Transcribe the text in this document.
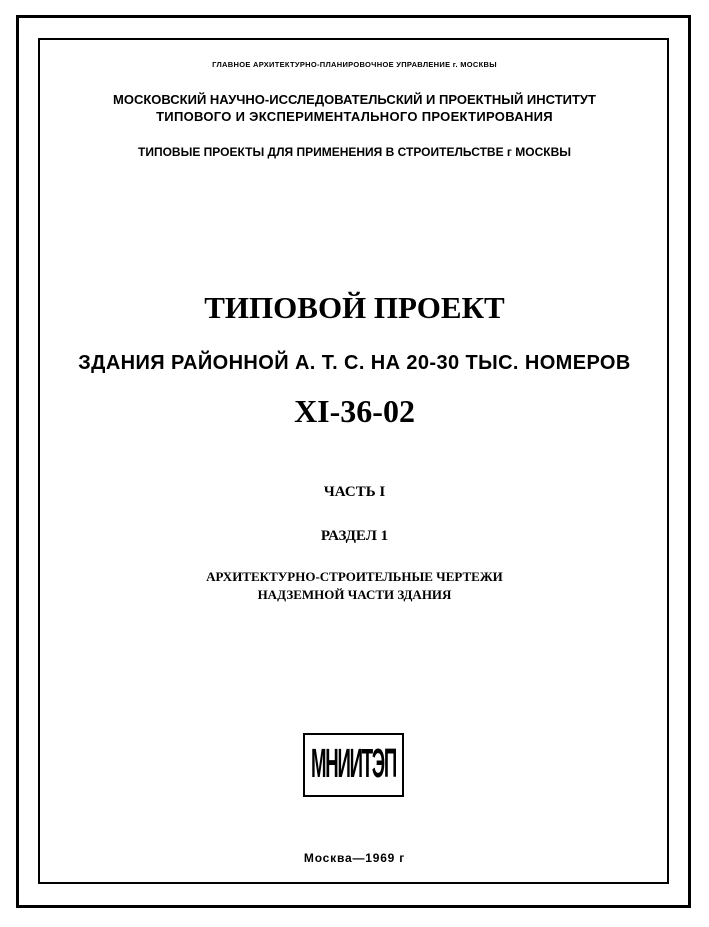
ГЛАВНОЕ АРХИТЕКТУРНО-ПЛАНИРОВОЧНОЕ УПРАВЛЕНИЕ г. МОСКВЫ
МОСКОВСКИЙ НАУЧНО-ИССЛЕДОВАТЕЛЬСКИЙ И ПРОЕКТНЫЙ ИНСТИТУТ
ТИПОВОГО И ЭКСПЕРИМЕНТАЛЬНОГО ПРОЕКТИРОВАНИЯ
ТИПОВЫЕ ПРОЕКТЫ ДЛЯ ПРИМЕНЕНИЯ В СТРОИТЕЛЬСТВЕ г МОСКВЫ
ТИПОВОЙ ПРОЕКТ
ЗДАНИЯ РАЙОННОЙ А. Т. С. НА 20-30 ТЫС. НОМЕРОВ
XI-36-02
ЧАСТЬ I
РАЗДЕЛ 1
АРХИТЕКТУРНО-СТРОИТЕЛЬНЫЕ ЧЕРТЕЖИ
НАДЗЕМНОЙ ЧАСТИ ЗДАНИЯ
МНИИТЭП
Москва—1969 г
